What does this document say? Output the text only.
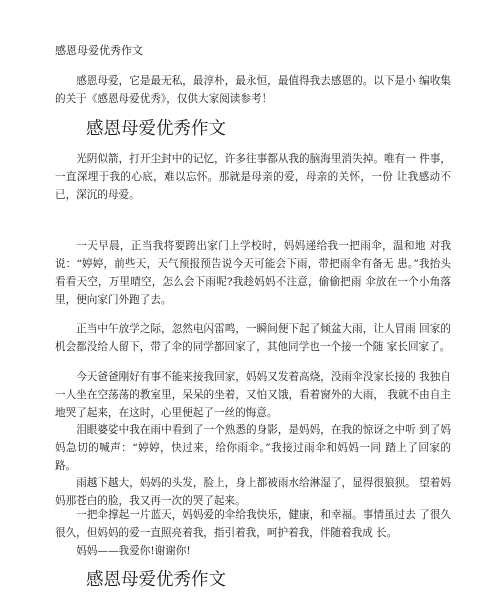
感恩母爱优秀作文

感恩母爱，它是最无私，最淳朴，最永恒，最值得我去感恩的。以下是小 编收集的关于《感恩母爱优秀》，仅供大家阅读参考！

感恩母爱优秀作文

光阴似箭，打开尘封中的记忆，许多往事都从我的脑海里消失掉。唯有一 件事，一直深埋于我的心底，难以忘怀。那就是母亲的爱，母亲的关怀，一份 让我感动不已，深沉的母爱。

一天早晨，正当我将要跨出家门上学校时，妈妈递给我一把雨伞，温和地 对我说：“婷婷，前些天，天气预报预告说今天可能会下雨，带把雨伞有备无 患。”我抬头看看天空，万里晴空，怎么会下雨呢?我趁妈妈不注意，偷偷把雨 伞放在一个小角落里，便向家门外跑了去。

正当中午放学之际，忽然电闪雷鸣，一瞬间便下起了倾盆大雨，让人冒雨 回家的机会都没给人留下，带了伞的同学都回家了，其他同学也一个接一个随 家长回家了。

今天爸爸刚好有事不能来接我回家，妈妈又发着高烧，没雨伞没家长接的 我独自一人坐在空荡荡的教室里，呆呆的坐着，又怕又饿，看着窗外的大雨， 我就不由自主地哭了起来，在这时，心里便起了一丝的悔意。

泪眼婆娑中我在雨中看到了一个熟悉的身影，是妈妈，在我的惊讶之中听 到了妈妈急切的喊声：“婷婷，快过来，给你雨伞。”我接过雨伞和妈妈一同 踏上了回家的路。

雨越下越大，妈妈的头发，脸上，身上都被雨水给淋湿了，显得很狼狈。 望着妈妈那苍白的脸，我又再一次的哭了起来。

一把伞撑起一片蓝天，妈妈爱的伞给我快乐，健康，和幸福。事情虽过去 了很久很久，但妈妈的爱一直照亮着我，指引着我，呵护着我，伴随着我成 长。

妈妈——我爱你!谢谢你!

感恩母爱优秀作文
